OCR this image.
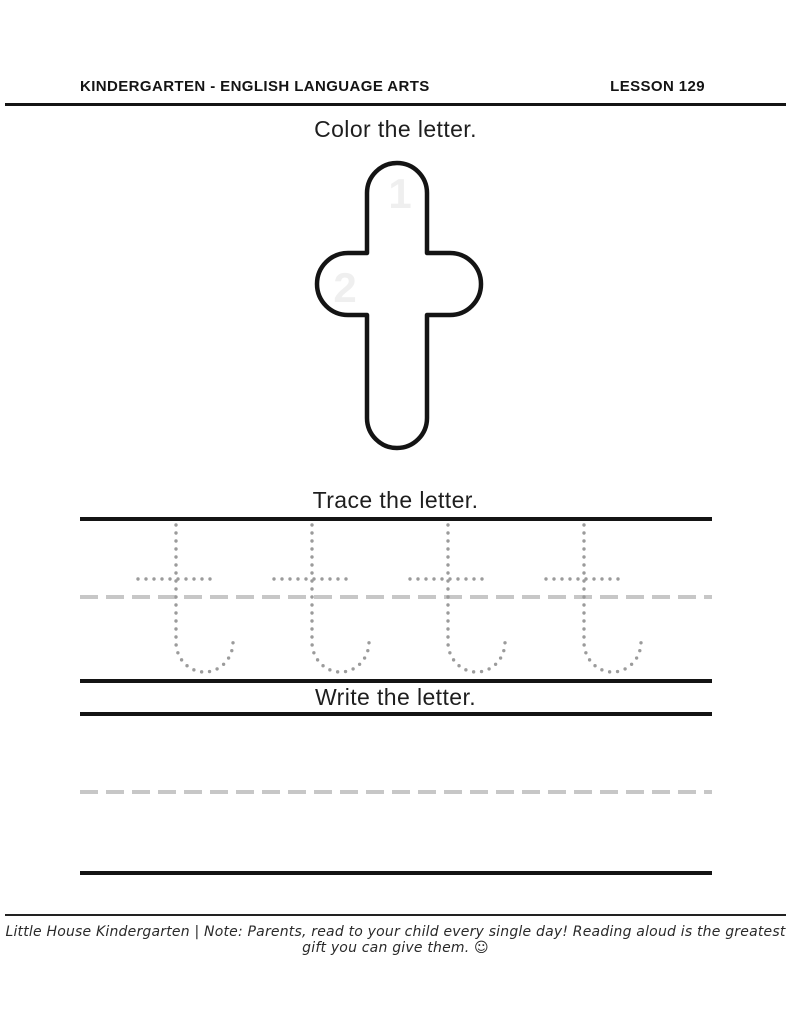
KINDERGARTEN - ENGLISH LANGUAGE ARTS	LESSON 129
Color the letter.
1
2
Trace the letter.
Write the letter.
Little House Kindergarten | Note: Parents, read to your child every single day! Reading aloud is the greatest gift you can give them. ☺
